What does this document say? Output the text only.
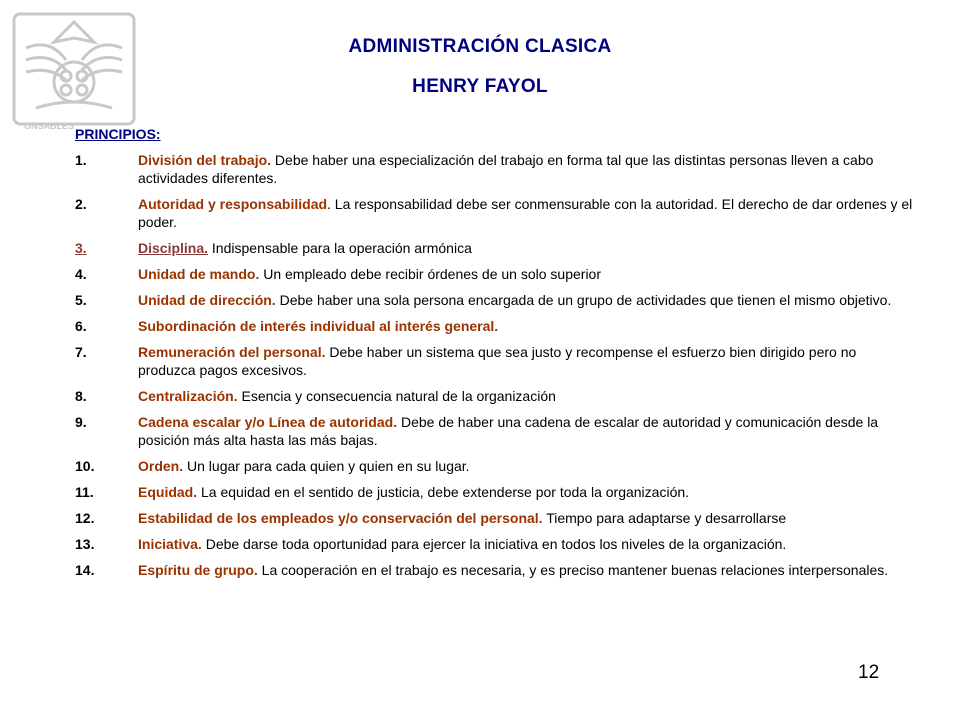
ONSABLES
ADMINISTRACIÓN CLASICA
HENRY FAYOL
PRINCIPIOS:
1.	División del trabajo. Debe haber una especialización del trabajo en forma tal que las distintas personas lleven a cabo actividades diferentes.
2.	Autoridad y responsabilidad. La responsabilidad debe ser conmensurable con la autoridad. El derecho de dar ordenes y el poder.
3.	Disciplina. Indispensable para la operación armónica
4.	Unidad de mando. Un empleado debe recibir órdenes de un solo superior
5.	Unidad de dirección. Debe haber una sola persona encargada de un grupo de actividades que tienen el mismo objetivo.
6.	Subordinación de interés individual al interés general.
7.	Remuneración del personal. Debe haber un sistema que sea justo y recompense el esfuerzo bien dirigido pero no produzca pagos excesivos.
8.	Centralización. Esencia y consecuencia natural de la organización
9.	Cadena escalar y/o Línea de autoridad. Debe de haber una cadena de escalar de autoridad y comunicación desde la posición más alta hasta las más bajas.
10.	Orden. Un lugar para cada quien y quien en su lugar.
11.	Equidad. La equidad en el sentido de justicia, debe extenderse por toda la organización.
12.	Estabilidad de los empleados y/o conservación del personal. Tiempo para adaptarse y desarrollarse
13.	Iniciativa. Debe darse toda oportunidad para ejercer la iniciativa en todos los niveles de la organización.
14.	Espíritu de grupo. La cooperación en el trabajo es necesaria, y es preciso mantener buenas relaciones interpersonales.
12
